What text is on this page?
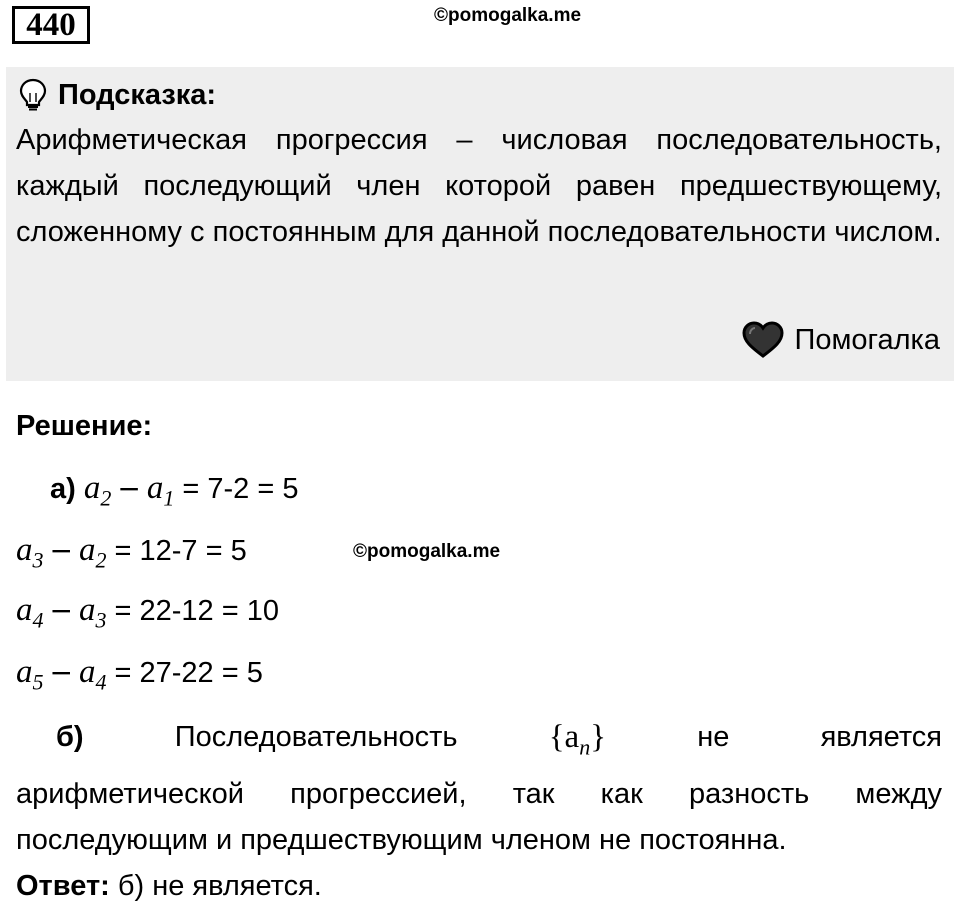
440	©pomogalka.me
Подсказка:
Арифметическая прогрессия – числовая последовательность, каждый последующий член которой равен предшествующему, сложенному с постоянным для данной последовательности числом.
Помогалка
Решение:
а) $a_2 - a_1 = 7-2 = 5$
$a_3 - a_2 = 12-7 = 5$	©pomogalka.me
$a_4 - a_3 = 22-12 = 10$
$a_5 - a_4 = 27-22 = 5$
б)	Последовательность	$\{a_n\}$	не	является
арифметической прогрессией, так как разность между последующим и предшествующим членом не постоянна.
Ответ: б) не является.
